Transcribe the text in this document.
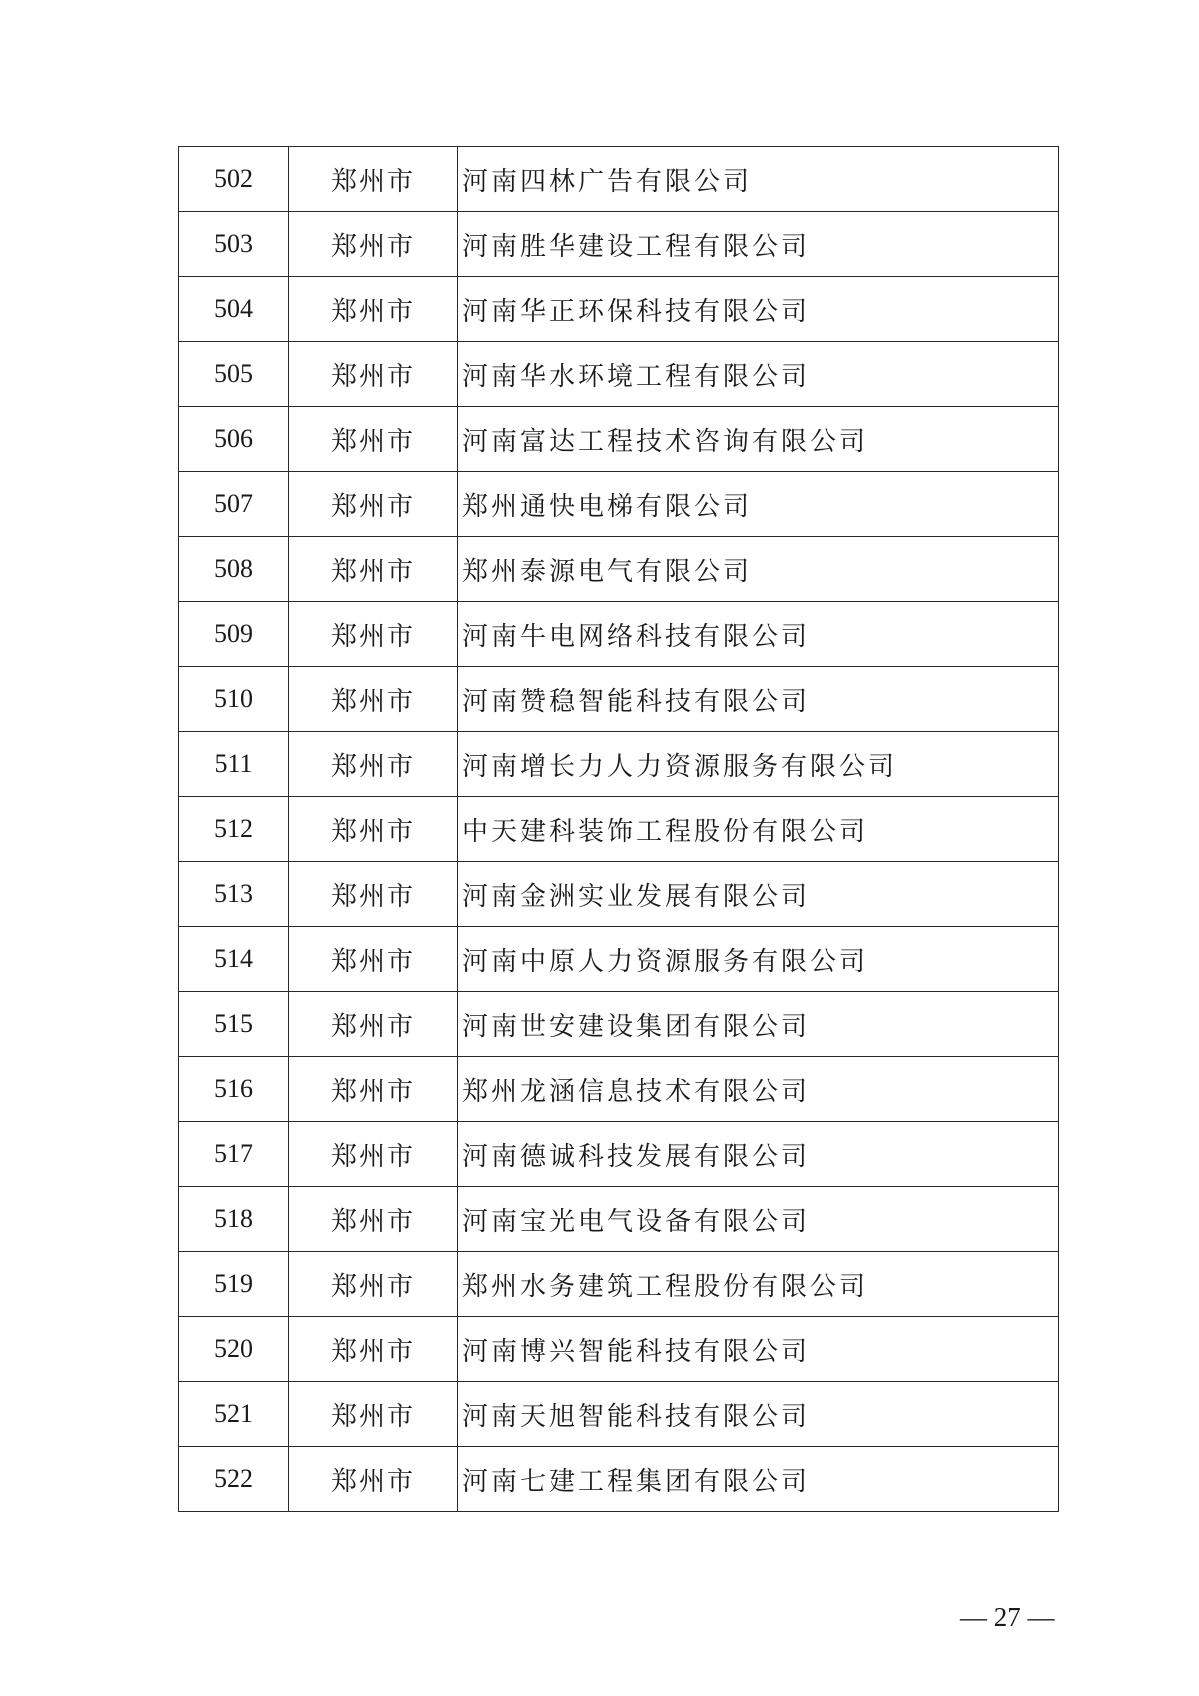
502	郑州市	河南四林广告有限公司
503	郑州市	河南胜华建设工程有限公司
504	郑州市	河南华正环保科技有限公司
505	郑州市	河南华水环境工程有限公司
506	郑州市	河南富达工程技术咨询有限公司
507	郑州市	郑州通快电梯有限公司
508	郑州市	郑州泰源电气有限公司
509	郑州市	河南牛电网络科技有限公司
510	郑州市	河南赞稳智能科技有限公司
511	郑州市	河南增长力人力资源服务有限公司
512	郑州市	中天建科装饰工程股份有限公司
513	郑州市	河南金洲实业发展有限公司
514	郑州市	河南中原人力资源服务有限公司
515	郑州市	河南世安建设集团有限公司
516	郑州市	郑州龙涵信息技术有限公司
517	郑州市	河南德诚科技发展有限公司
518	郑州市	河南宝光电气设备有限公司
519	郑州市	郑州水务建筑工程股份有限公司
520	郑州市	河南博兴智能科技有限公司
521	郑州市	河南天旭智能科技有限公司
522	郑州市	河南七建工程集团有限公司
— 27 —
